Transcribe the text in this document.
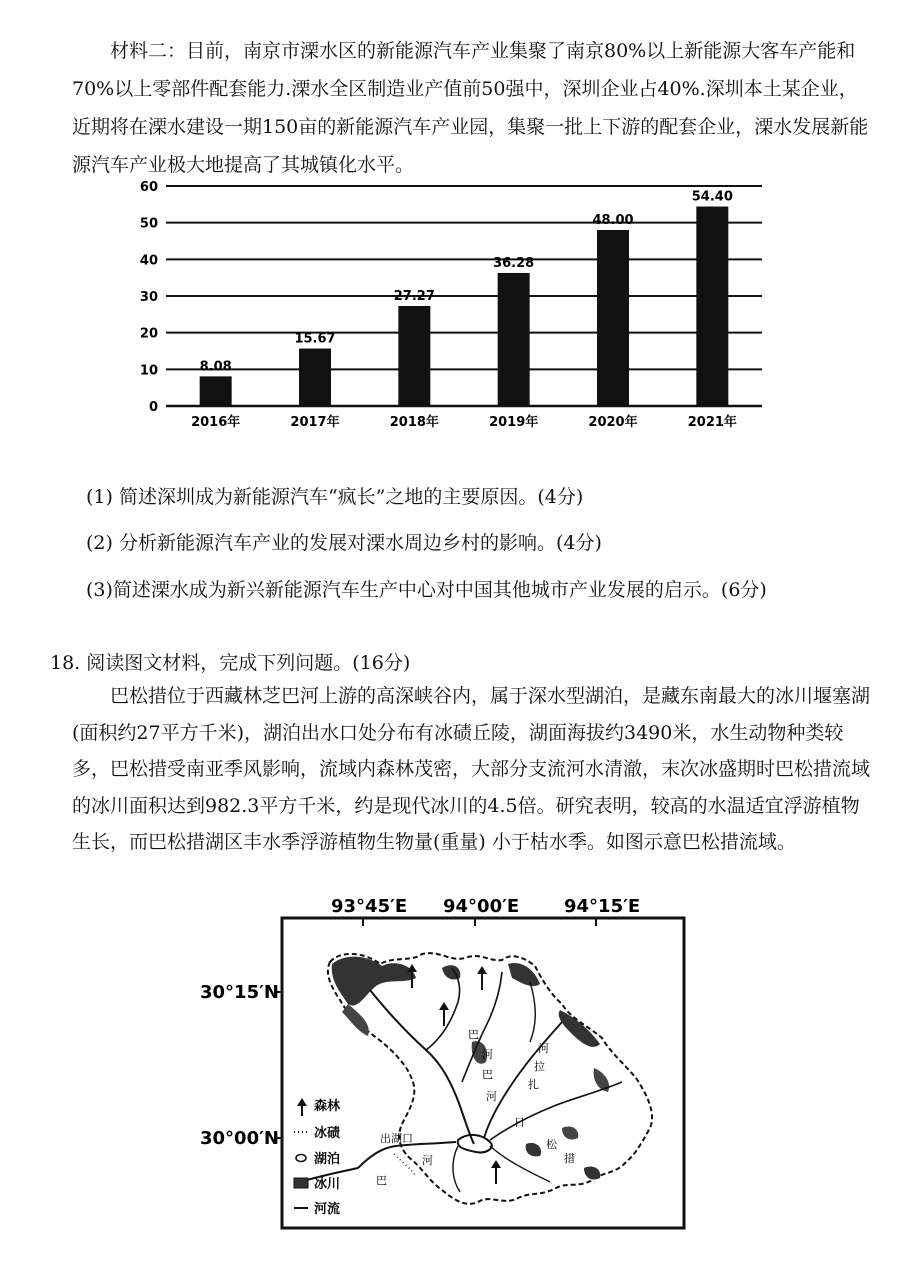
材料二：目前，南京市溧水区的新能源汽车产业集聚了南京80%以上新能源大客车产能和70%以上零部件配套能力.溧水全区制造业产值前50强中，深圳企业占40%.深圳本土某企业，近期将在溧水建设一期150亩的新能源汽车产业园，集聚一批上下游的配套企业，溧水发展新能源汽车产业极大地提高了其城镇化水平。

0
10
20
30
40
50
60
8.08
15.67
27.27
36.28
48.00
54.40
2016年	2017年	2018年	2019年	2020年	2021年

(1) 简述深圳成为新能源汽车“疯长”之地的主要原因。(4分)

(2) 分析新能源汽车产业的发展对溧水周边乡村的影响。(4分)

(3)简述溧水成为新兴新能源汽车生产中心对中国其他城市产业发展的启示。(6分)

18. 阅读图文材料，完成下列问题。(16分)

巴松措位于西藏林芝巴河上游的高深峡谷内，属于深水型湖泊，是藏东南最大的冰川堰塞湖(面积约27平方千米)，湖泊出水口处分布有冰碛丘陵，湖面海拔约3490米，水生动物种类较多，巴松措受南亚季风影响，流域内森林茂密，大部分支流河水清澈，末次冰盛期时巴松措流域的冰川面积达到982.3平方千米，约是现代冰川的4.5倍。研究表明，较高的水温适宜浮游植物生长，而巴松措湖区丰水季浮游植物生物量(重量) 小于枯水季。如图示意巴松措流域。

93°45′E 94°00′E 94°15′E
30°15′N
30°00′N
巴
河
巴
河
扎
拉
河
日
松
措
巴
河
出湖口
森林
冰碛
湖泊
冰川
河流
